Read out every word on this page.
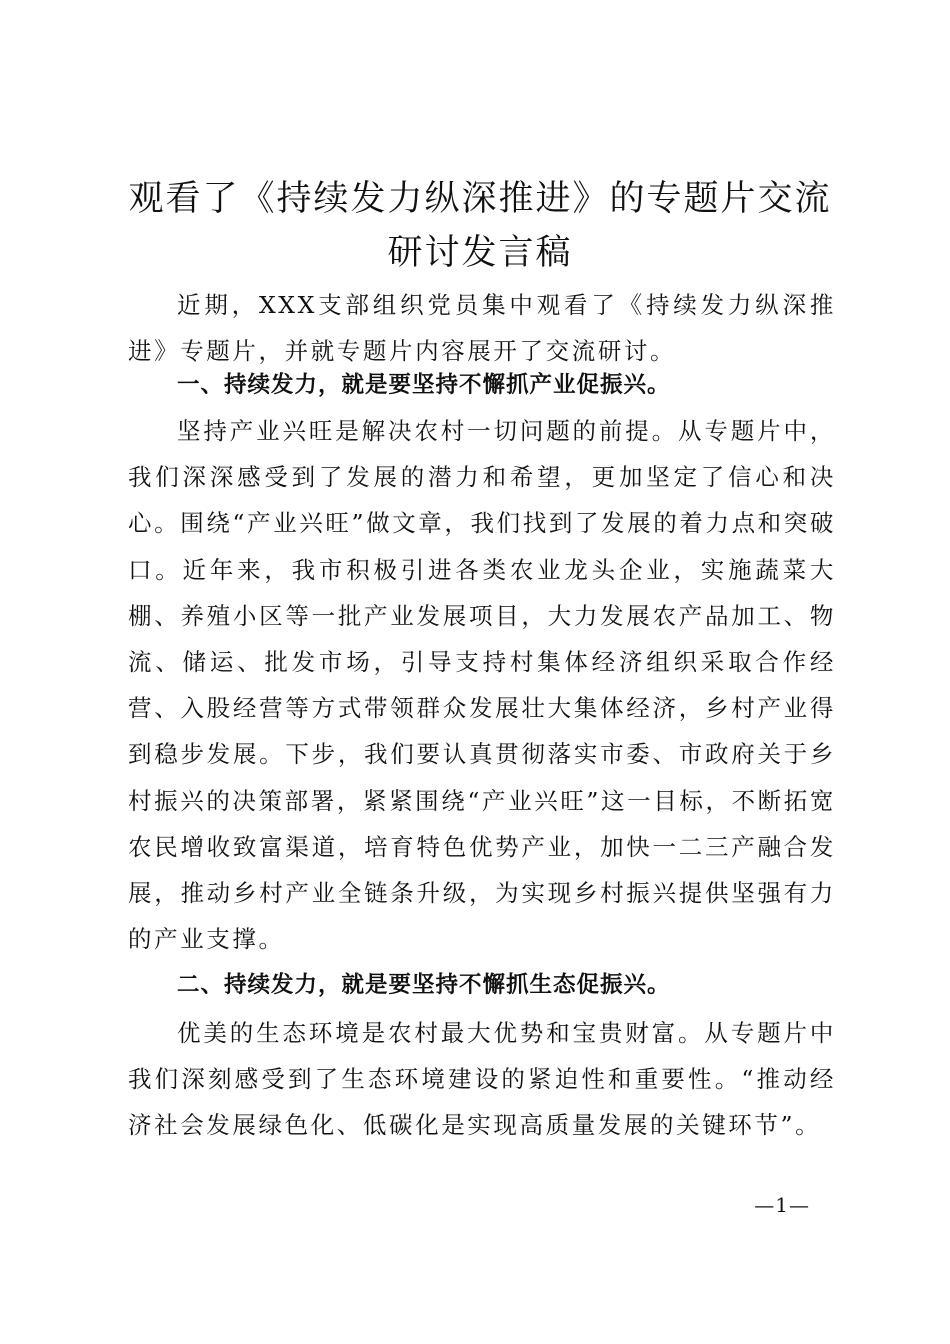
观看了《持续发力纵深推进》的专题片交流研讨发言稿

近期，XXX支部组织党员集中观看了《持续发力纵深推进》专题片，并就专题片内容展开了交流研讨。

一、持续发力，就是要坚持不懈抓产业促振兴。

坚持产业兴旺是解决农村一切问题的前提。从专题片中，我们深深感受到了发展的潜力和希望，更加坚定了信心和决心。围绕“产业兴旺”做文章，我们找到了发展的着力点和突破口。近年来，我市积极引进各类农业龙头企业，实施蔬菜大棚、养殖小区等一批产业发展项目，大力发展农产品加工、物流、储运、批发市场，引导支持村集体经济组织采取合作经营、入股经营等方式带领群众发展壮大集体经济，乡村产业得到稳步发展。下步，我们要认真贯彻落实市委、市政府关于乡村振兴的决策部署，紧紧围绕“产业兴旺”这一目标，不断拓宽农民增收致富渠道，培育特色优势产业，加快一二三产融合发展，推动乡村产业全链条升级，为实现乡村振兴提供坚强有力的产业支撑。

二、持续发力，就是要坚持不懈抓生态促振兴。

优美的生态环境是农村最大优势和宝贵财富。从专题片中我们深刻感受到了生态环境建设的紧迫性和重要性。“推动经济社会发展绿色化、低碳化是实现高质量发展的关键环节”。

—1—
